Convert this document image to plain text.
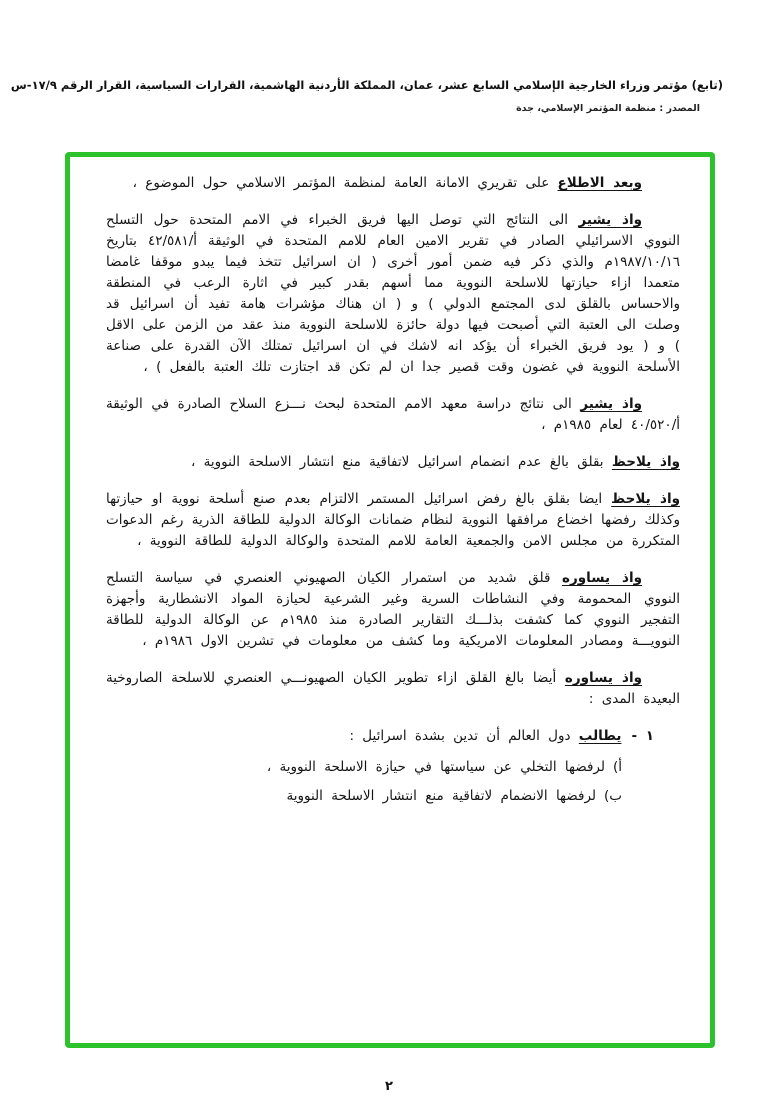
(تابع) مؤتمر وزراء الخارجية الإسلامي السابع عشر، عمان، المملكة الأردنية الهاشمية، القرارات السياسية، القرار الرقم ١٧/٩-س
المصدر : منظمة المؤتمر الإسلامي، جدة

وبعد الاطلاع على تقريري الامانة العامة لمنظمة المؤتمر الاسلامي حول الموضوع ،

واذ يشير الى النتائج التي توصل اليها فريق الخبراء في الامم المتحدة حول التسلح النووي الاسرائيلي الصادر في تقرير الامين العام للامم المتحدة في الوثيقة أ/٤٢/٥٨١ بتاريخ ١٩٨٧/١٠/١٦م والذي ذكر فيه ضمن أمور أخرى ( ان اسرائيل تتخذ فيما يبدو موقفا غامضا متعمدا ازاء حيازتها للاسلحة النووية مما أسهم بقدر كبير في اثارة الرعب في المنطقة والاحساس بالقلق لدى المجتمع الدولي ) و ( ان هناك مؤشرات هامة تفيد أن اسرائيل قد وصلت الى العتبة التي أصبحت فيها دولة حائزة للاسلحة النووية منذ عقد من الزمن على الاقل ) و ( يود فريق الخبراء أن يؤكد انه لاشك في ان اسرائيل تمتلك الآن القدرة على صناعة الأسلحة النووية في غضون وقت قصير جدا ان لم تكن قد اجتازت تلك العتبة بالفعل ) ،

واذ يشير الى نتائج دراسة معهد الامم المتحدة لبحث نـــزع السلاح الصادرة في الوثيقة أ/٤٠/٥٢٠ لعام ١٩٨٥م ،

واذ يلاحظ بقلق بالغ عدم انضمام اسرائيل لاتفاقية منع انتشار الاسلحة النووية ،

واذ يلاحظ ايضا بقلق بالغ رفض اسرائيل المستمر الالتزام بعدم صنع أسلحة نووية او حيازتها وكذلك رفضها اخضاع مرافقها النووية لنظام ضمانات الوكالة الدولية للطاقة الذرية رغم الدعوات المتكررة من مجلس الامن والجمعية العامة للامم المتحدة والوكالة الدولية للطاقة النووية ،

واذ يساوره قلق شديد من استمرار الكيان الصهيوني العنصري في سياسة التسلح النووي المحمومة وفي النشاطات السرية وغير الشرعية لحيازة المواد الانشطارية وأجهزة التفجير النووي كما كشفت بذلـــك التقارير الصادرة منذ ١٩٨٥م عن الوكالة الدولية للطاقة النوويـــة ومصادر المعلومات الامريكية وما كشف من معلومات في تشرين الاول ١٩٨٦م ،

واذ يساوره أيضا بالغ القلق ازاء تطوير الكيان الصهيونـــي العنصري للاسلحة الصاروخية البعيدة المدى :

١ -
يطالب دول العالم أن تدين بشدة اسرائيل :
أ)
لرفضها التخلي عن سياستها في حيازة الاسلحة النووية ،
ب)
لرفضها الانضمام لاتفاقية منع انتشار الاسلحة النووية
٢
